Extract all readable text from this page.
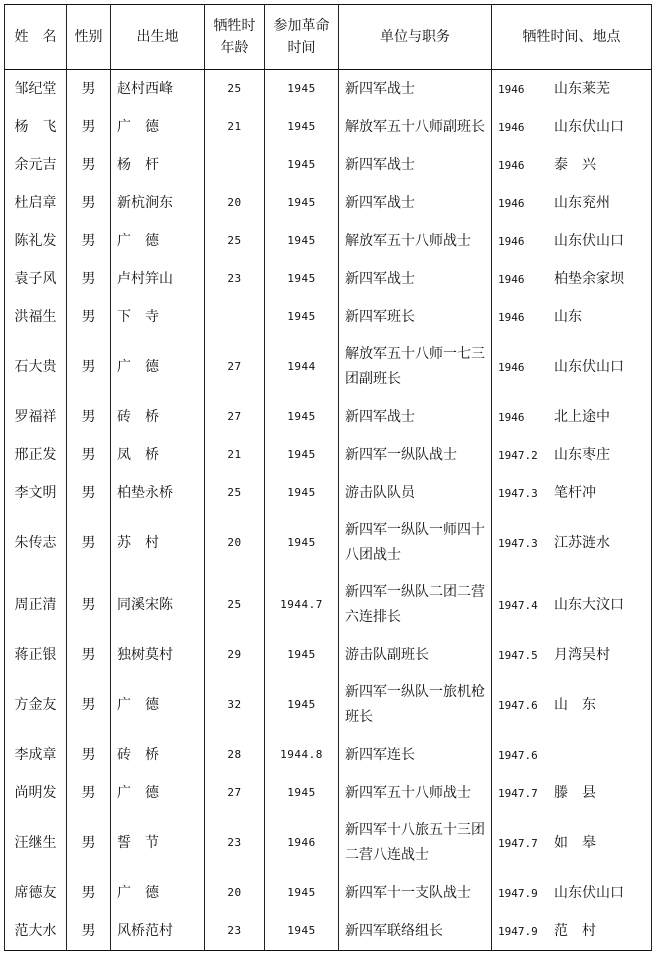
姓　名	性别	出生地	牺牲时年龄	参加革命时间	单位与职务	牺牲时间、地点
邹纪堂	男	赵村西峰	25	1945	新四军战士	1946 山东莱芜
杨　飞	男	广　德	21	1945	解放军五十八师副班长	1946 山东伏山口
余元吉	男	杨　杆		1945	新四军战士	1946 泰　兴
杜启章	男	新杭涧东	20	1945	新四军战士	1946 山东兖州
陈礼发	男	广　德	25	1945	解放军五十八师战士	1946 山东伏山口
袁子风	男	卢村笄山	23	1945	新四军战士	1946 柏垫余家坝
洪福生	男	下　寺		1945	新四军班长	1946 山东
石大贵	男	广　德	27	1944	解放军五十八师一七三团副班长	1946 山东伏山口
罗福祥	男	砖　桥	27	1945	新四军战士	1946 北上途中
邢正发	男	凤　桥	21	1945	新四军一纵队战士	1947.2 山东枣庄
李文明	男	柏垫永桥	25	1945	游击队队员	1947.3 笔杆冲
朱传志	男	苏　村	20	1945	新四军一纵队一师四十八团战士	1947.3 江苏涟水
周正清	男	同溪宋陈	25	1944.7	新四军一纵队二团二营六连排长	1947.4 山东大汶口
蒋正银	男	独树莫村	29	1945	游击队副班长	1947.5 月湾吴村
方金友	男	广　德	32	1945	新四军一纵队一旅机枪班长	1947.6 山　东
李成章	男	砖　桥	28	1944.8	新四军连长	1947.6
尚明发	男	广　德	27	1945	新四军五十八师战士	1947.7 滕　县
汪继生	男	誓　节	23	1946	新四军十八旅五十三团二营八连战士	1947.7 如　皋
席德友	男	广　德	20	1945	新四军十一支队战士	1947.9 山东伏山口
范大水	男	风桥范村	23	1945	新四军联络组长	1947.9 范　村
